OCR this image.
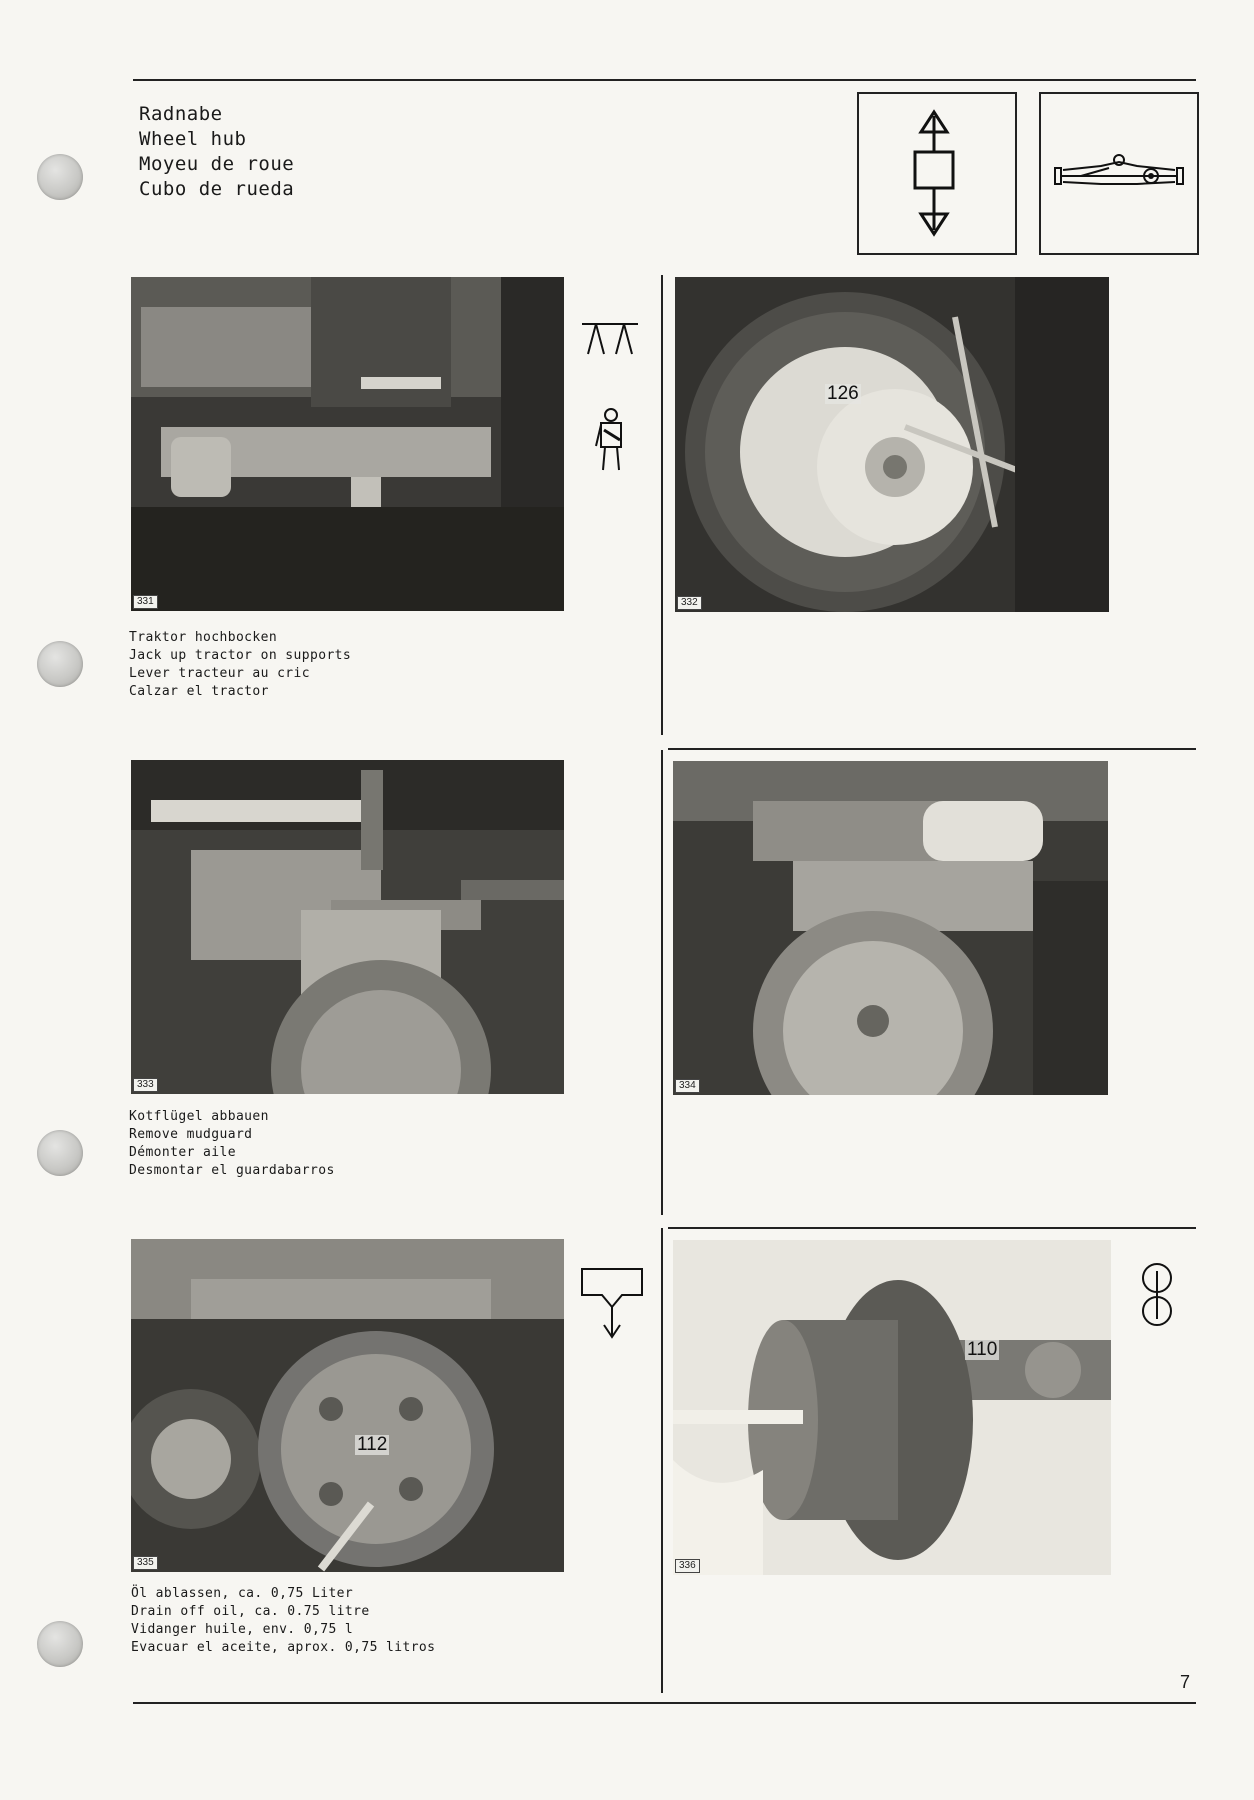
Radnabe
Wheel hub
Moyeu de roue
Cubo de rueda
331
Traktor hochbocken
Jack up tractor on supports
Lever tracteur au cric
Calzar el tractor
126
332
333
Kotflügel abbauen
Remove mudguard
Démonter aile
Desmontar el guardabarros
334
112
335
Öl ablassen, ca. 0,75 Liter
Drain off oil, ca. 0.75 litre
Vidanger huile, env. 0,75 l
Evacuar el aceite, aprox. 0,75 litros
110
336
7
